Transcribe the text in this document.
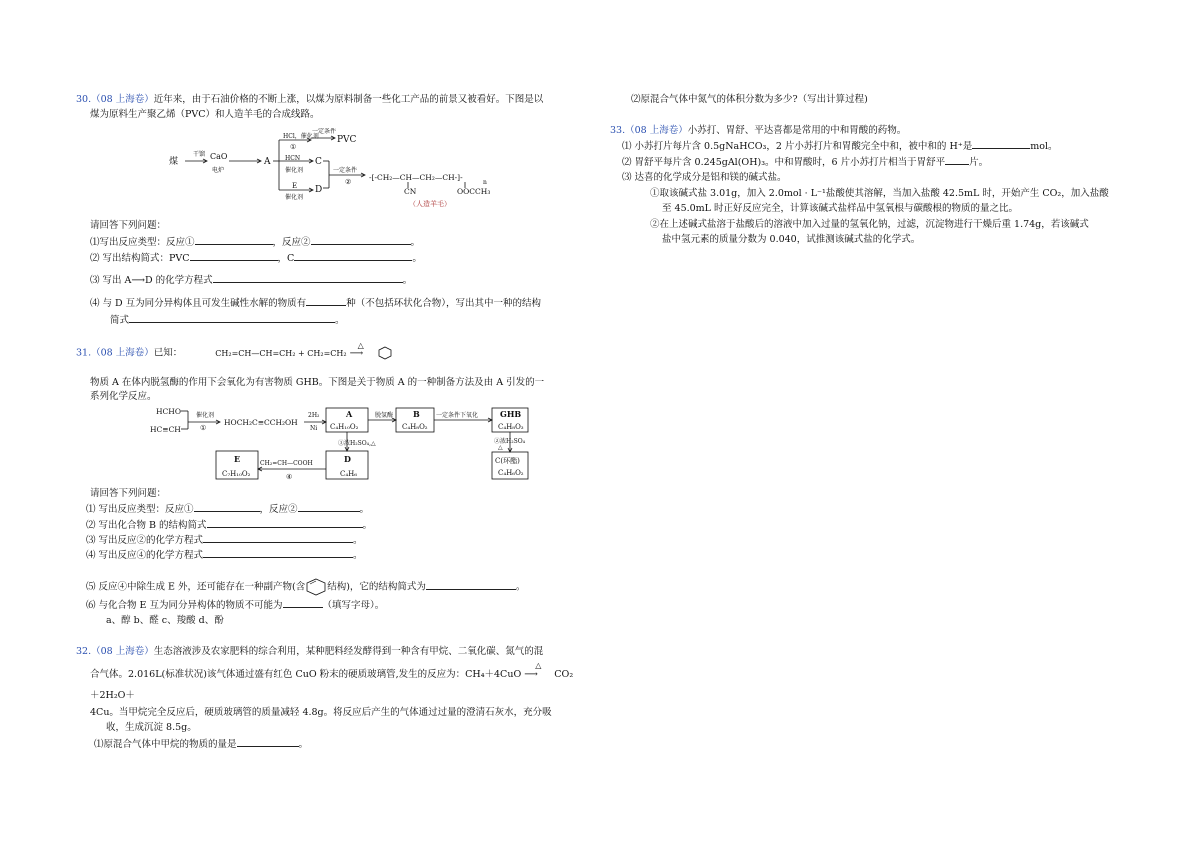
30.（08 上海卷）近年来，由于石油价格的不断上涨，以煤为原料制备一些化工产品的前景又被看好。下图是以
煤为原料生产聚乙烯（PVC）和人造羊毛的合成线路。
煤
干馏 CaO
电炉
A
HCl，催化剂
①
一定条件
PVC
HCN
催化剂
C
一定条件
② -[-CH₂—CH—CH₂—CH-]-
n
CN	OOCCH₃
（人造羊毛）
E
催化剂
D
请回答下列问题：
⑴写出反应类型：反应①	，反应②	。
⑵ 写出结构简式：PVC	，C	。
⑶ 写出 A⟶D 的化学方程式	。
⑷ 与 D 互为同分异构体且可发生碱性水解的物质有	种（不包括环状化合物），写出其中一种的结构
简式	。
31.（08 上海卷）已知：	CH₂=CH—CH=CH₂ + CH₂=CH₂
△
⟶
物质 A 在体内脱氢酶的作用下会氧化为有害物质 GHB。下图是关于物质 A 的一种制备方法及由 A 引发的一
系列化学反应。
HCHO
HC≡CH
催化剂
①
HOCH₂C≡CCH₂OH
2H₂
Ni
A
C₄H₁₀O₂
脱氢酶 B
C₄H₈O₂
一定条件下氧化	GHB
C₄H₈O₃
③浓H₂SO₄,△	②浓H₂SO₄
△
E
C₇H₁₀O₂
CH₂=CH—COOH
④
D
C₄H₆
C(环酯)
C₄H₆O₂
请回答下列问题：
⑴ 写出反应类型：反应①	，反应②	。
⑵ 写出化合物 B 的结构简式	。
⑶ 写出反应②的化学方程式	。
⑷ 写出反应④的化学方程式	。
⑸ 反应④中除生成 E 外，还可能存在一种副产物(含 结构)，它的结构简式为	。
⑹ 与化合物 E 互为同分异构体的物质不可能为	（填写字母）。
a、醇 b、醛 c、羧酸 d、酚
32.（08 上海卷）生态溶液涉及农家肥料的综合利用，某种肥料经发酵得到一种含有甲烷、二氧化碳、氮气的混
合气体。2.016L(标准状况)该气体通过盛有红色 CuO 粉末的硬质玻璃管,发生的反应为：CH₄＋4CuO
△
⟶CO₂
＋2H₂O＋
4Cu。当甲烷完全反应后，硬质玻璃管的质量减轻 4.8g。将反应后产生的气体通过过量的澄清石灰水，充分吸
收，生成沉淀 8.5g。
⑴原混合气体中甲烷的物质的量是	。
⑵原混合气体中氮气的体积分数为多少?（写出计算过程)
33.（08 上海卷）小苏打、胃舒、平达喜都是常用的中和胃酸的药物。
⑴ 小苏打片每片含 0.5gNaHCO₃，2 片小苏打片和胃酸完全中和，被中和的 H⁺是	mol。
⑵ 胃舒平每片含 0.245gAl(OH)₃。中和胃酸时，6 片小苏打片相当于胃舒平	片。
⑶ 达喜的化学成分是铝和镁的碱式盐。
①取该碱式盐 3.01g，加入 2.0mol · L⁻¹盐酸使其溶解，当加入盐酸 42.5mL 时，开始产生 CO₂，加入盐酸
至 45.0mL 时正好反应完全，计算该碱式盐样品中氢氧根与碳酸根的物质的量之比。
②在上述碱式盐溶于盐酸后的溶液中加入过量的氢氧化钠，过滤，沉淀物进行干燥后重 1.74g，若该碱式
盐中氢元素的质量分数为 0.040，试推测该碱式盐的化学式。
